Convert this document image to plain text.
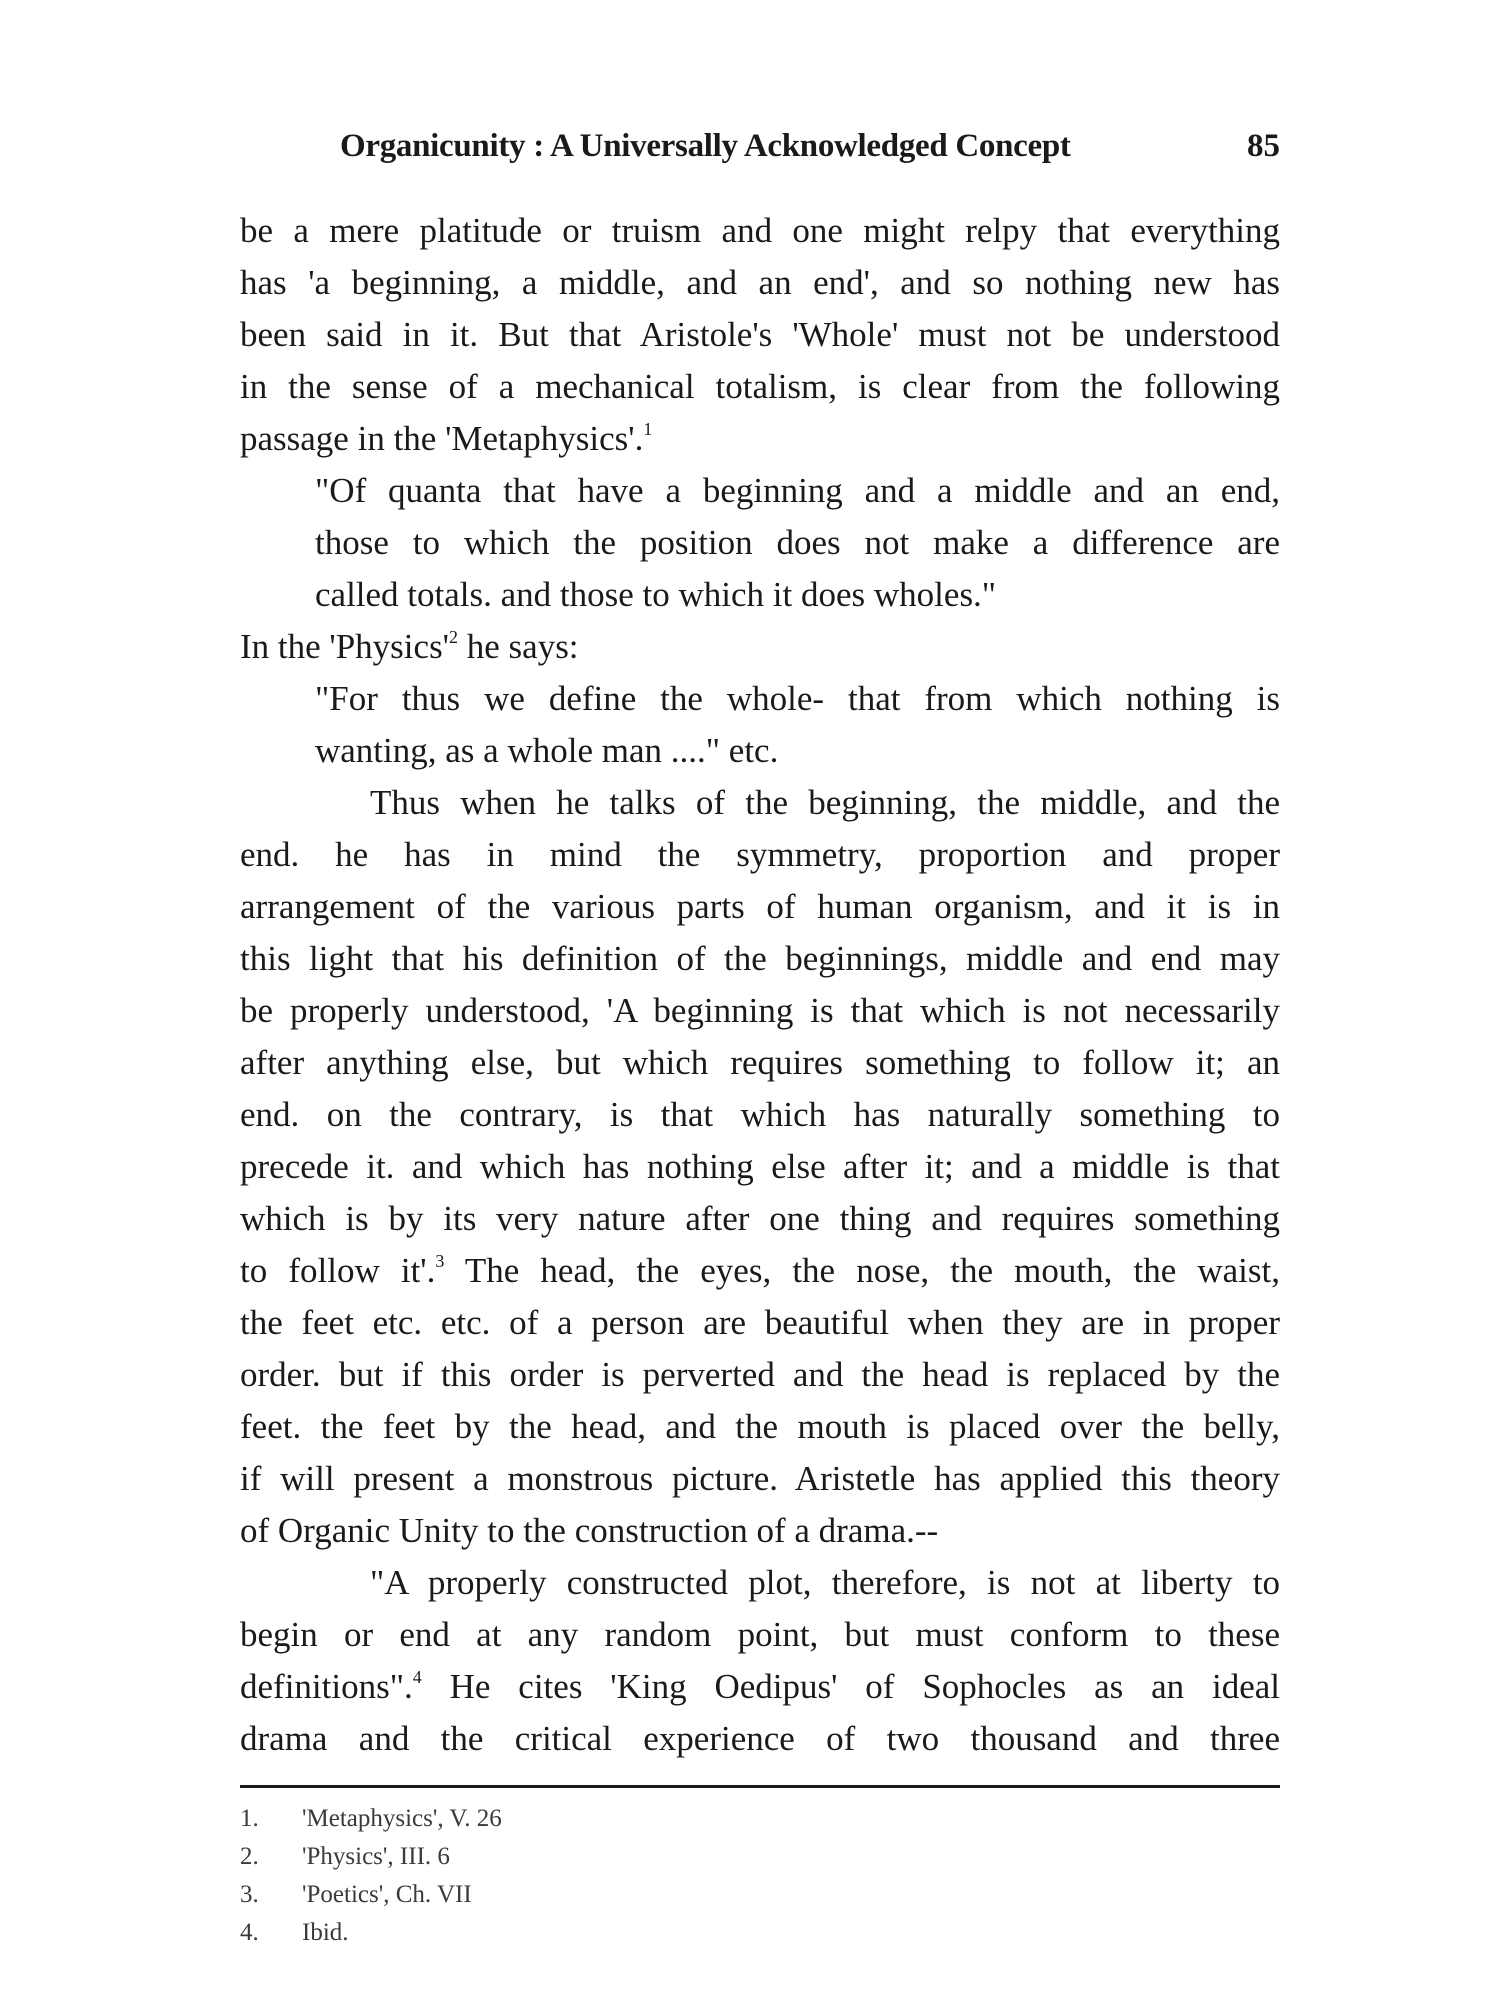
Organicunity : A Universally Acknowledged Concept	85
be a mere platitude or truism and one might relpy that everything
has 'a beginning, a middle, and an end', and so nothing new has
been said in it. But that Aristole's 'Whole' must not be understood
in the sense of a mechanical totalism, is clear from the following
passage in the 'Metaphysics'.$^1$
"Of quanta that have a beginning and a middle and an end,
those to which the position does not make a difference are
called totals. and those to which it does wholes."
In the '$Physics'^2$ he says:
"For thus we define the whole- that from which nothing is
wanting, as a whole man ...." etc.
Thus when he talks of the beginning, the middle, and the
end. he has in mind the symmetry, proportion and proper
arrangement of the various parts of human organism, and it is in
this light that his definition of the beginnings, middle and end may
be properly understood, 'A beginning is that which is not necessarily
after anything else, but which requires something to follow it; an
end. on the contrary, is that which has naturally something to
precede it. and which has nothing else after it; and a middle is that
which is by its very nature after one thing and requires something
to follow it'.$^3$ The head, the eyes, the nose, the mouth, the waist,
the feet etc. etc. of a person are beautiful when they are in proper
order. but if this order is perverted and the head is replaced by the
feet. the feet by the head, and the mouth is placed over the belly,
if will present a monstrous picture. Aristetle has applied this theory
of Organic Unity to the construction of a drama.--
"A properly constructed plot, therefore, is not at liberty to
begin or end at any random point, but must conform to these
definitions".$^4$ He cites 'King Oedipus' of Sophocles as an ideal
drama and the critical experience of two thousand and three
1. 'Metaphysics', V. 26
2. 'Physics', III. 6
3. 'Poetics', Ch. VII
4. Ibid.
